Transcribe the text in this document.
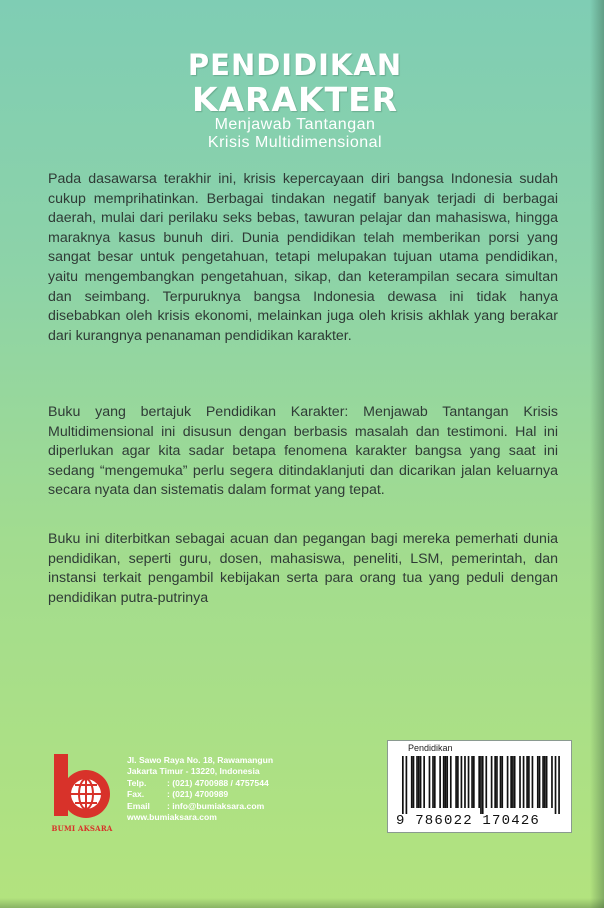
PENDIDIKAN
KARAKTER
Menjawab Tantangan
Krisis Multidimensional
Pada dasawarsa terakhir ini, krisis kepercayaan diri bangsa Indonesia sudah cukup memprihatinkan. Berbagai tindakan negatif banyak terjadi di berbagai daerah, mulai dari perilaku seks bebas, tawuran pelajar dan mahasiswa, hingga maraknya kasus bunuh diri. Dunia pendidikan telah memberikan porsi yang sangat besar untuk pengetahuan, tetapi melupakan tujuan utama pendidikan, yaitu mengembangkan pengetahuan, sikap, dan keterampilan secara simultan dan seimbang. Terpuruknya bangsa Indonesia dewasa ini tidak hanya disebabkan oleh krisis ekonomi, melainkan juga oleh krisis akhlak yang berakar dari kurangnya penanaman pendidikan karakter.
Buku yang bertajuk Pendidikan Karakter: Menjawab Tantangan Krisis Multidimensional ini disusun dengan berbasis masalah dan testimoni. Hal ini diperlukan agar kita sadar betapa fenomena karakter bangsa yang saat ini sedang “mengemuka” perlu segera ditindaklanjuti dan dicarikan jalan keluarnya secara nyata dan sistematis dalam format yang tepat.
Buku ini diterbitkan sebagai acuan dan pegangan bagi mereka pemerhati dunia pendidikan, seperti guru, dosen, mahasiswa, peneliti, LSM, pemerintah, dan instansi terkait pengambil kebijakan serta para orang tua yang peduli dengan pendidikan putra-putrinya
BUMI AKSARA
Jl. Sawo Raya No. 18, Rawamangun
Jakarta Timur - 13220, Indonesia
Telp. : (021) 4700988 / 4757544
Fax.	: (021) 4700989
Email : info@bumiaksara.com
www.bumiaksara.com
Pendidikan
9 786022 170426
